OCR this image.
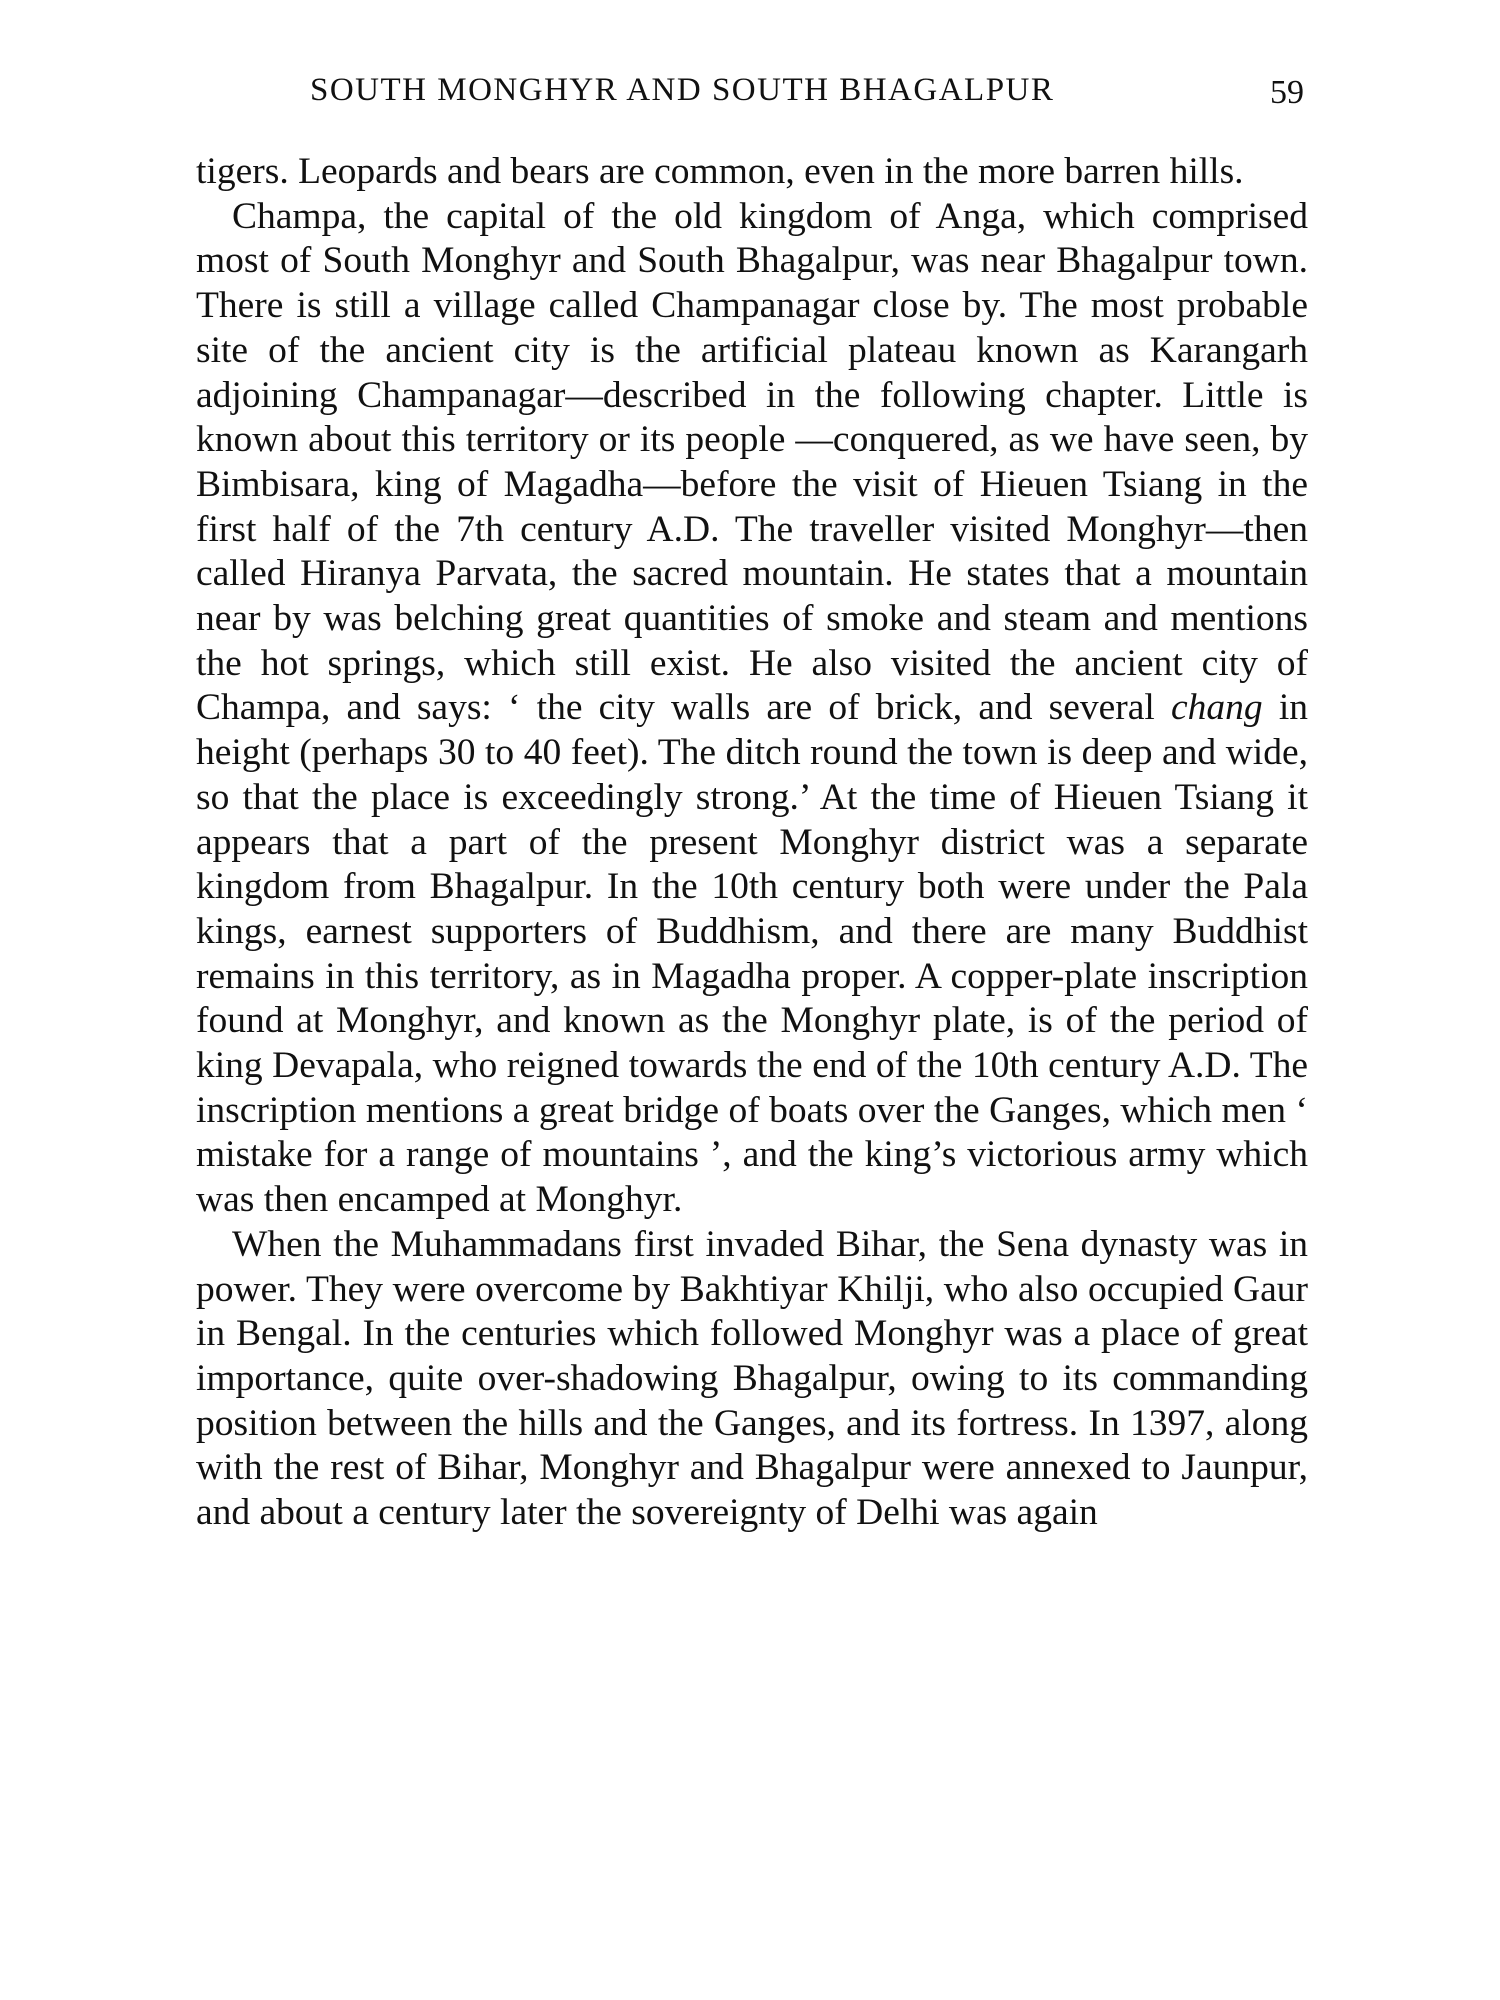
SOUTH MONGHYR AND SOUTH BHAGALPUR	59

tigers. Leopards and bears are common, even in the more barren hills.

Champa, the capital of the old kingdom of Anga, which comprised most of South Monghyr and South Bhagalpur, was near Bhagalpur town. There is still a village called Champanagar close by. The most probable site of the ancient city is the artificial plateau known as Karangarh adjoining Champanagar—described in the following chapter. Little is known about this territory or its people —conquered, as we have seen, by Bimbisara, king of Magadha—before the visit of Hieuen Tsiang in the first half of the 7th century A.D. The traveller visited Monghyr—then called Hiranya Parvata, the sacred mountain. He states that a mountain near by was belching great quantities of smoke and steam and mentions the hot springs, which still exist. He also visited the ancient city of Champa, and says: ‘ the city walls are of brick, and several chang in height (perhaps 30 to 40 feet). The ditch round the town is deep and wide, so that the place is exceedingly strong.’ At the time of Hieuen Tsiang it appears that a part of the present Monghyr district was a separate kingdom from Bhagalpur. In the 10th century both were under the Pala kings, earnest supporters of Buddhism, and there are many Buddhist remains in this territory, as in Magadha proper. A copper-plate inscription found at Monghyr, and known as the Monghyr plate, is of the period of king Devapala, who reigned towards the end of the 10th century A.D. The inscription mentions a great bridge of boats over the Ganges, which men ‘ mistake for a range of mountains ’, and the king’s victorious army which was then encamped at Monghyr.

When the Muhammadans first invaded Bihar, the Sena dynasty was in power. They were overcome by Bakhtiyar Khilji, who also occupied Gaur in Bengal. In the centuries which followed Monghyr was a place of great importance, quite over-shadowing Bhagalpur, owing to its commanding position between the hills and the Ganges, and its fortress. In 1397, along with the rest of Bihar, Monghyr and Bhagalpur were annexed to Jaunpur, and about a century later the sovereignty of Delhi was again
